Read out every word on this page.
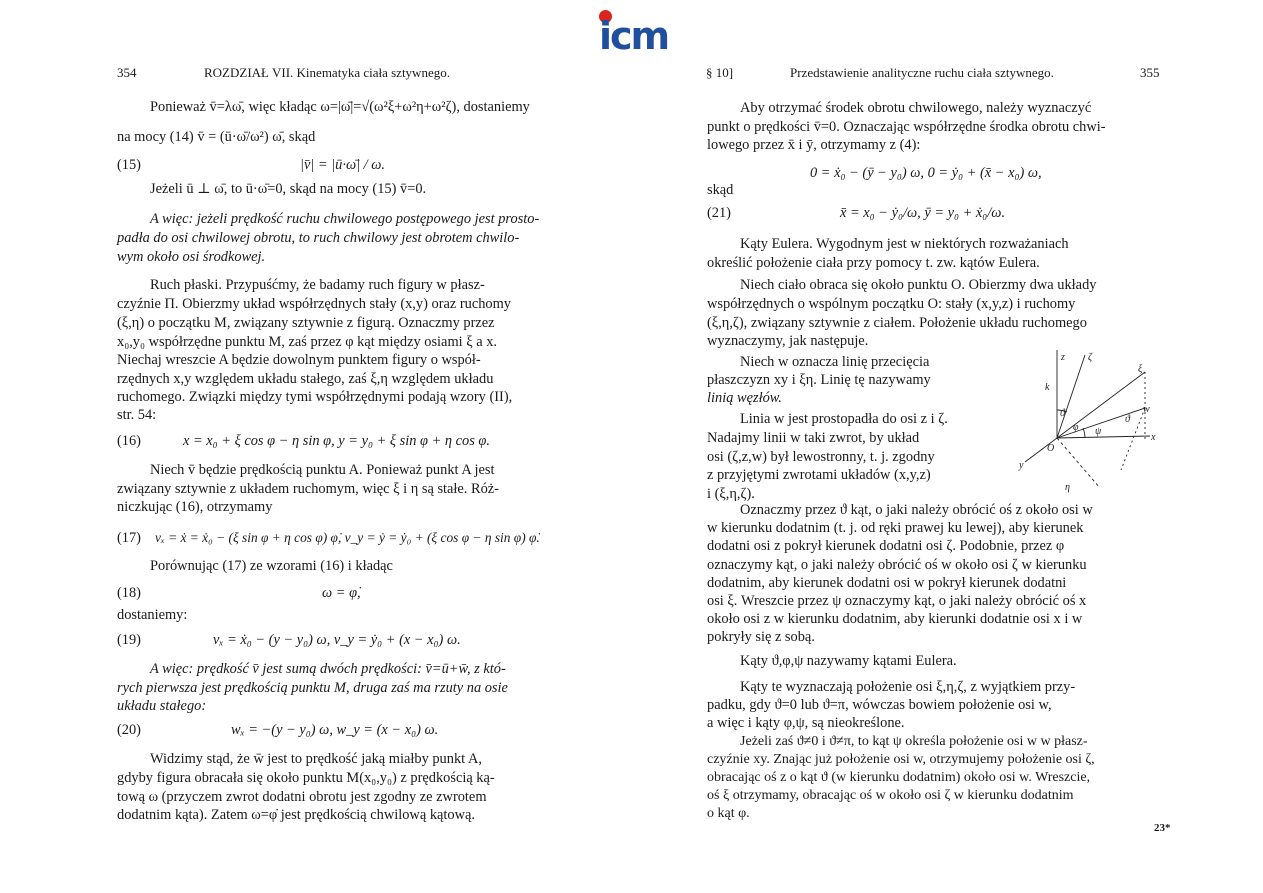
icm
354	ROZDZIAŁ VII. Kinematyka ciała sztywnego.
Ponieważ v̄=λω̄, więc kładąc ω=|ω̄|=√(ω²ξ+ω²η+ω²ζ), dostaniemy
na mocy (14) v̄ = (ū·ω̄/ω²) ω̄, skąd
(15)	|v̄| = |ū·ω̄| / ω.
Jeżeli ū ⊥ ω̄, to ū·ω̄=0, skąd na mocy (15) v̄=0.
A więc: jeżeli prędkość ruchu chwilowego postępowego jest prosto-
padła do osi chwilowej obrotu, to ruch chwilowy jest obrotem chwilo-
wym około osi środkowej.
Ruch płaski. Przypuśćmy, że badamy ruch figury w płasz-
czyźnie Π. Obierzmy układ współrzędnych stały (x,y) oraz ruchomy
(ξ,η) o początku M, związany sztywnie z figurą. Oznaczmy przez
x₀,y₀ współrzędne punktu M, zaś przez φ kąt między osiami ξ a x.
Niechaj wreszcie A będzie dowolnym punktem figury o współ-
rzędnych x,y względem układu stałego, zaś ξ,η względem układu
ruchomego. Związki między tymi współrzędnymi podają wzory (II),
str. 54:
(16)	x = x₀ + ξ cos φ − η sin φ, y = y₀ + ξ sin φ + η cos φ.
Niech v̄ będzie prędkością punktu A. Ponieważ punkt A jest
związany sztywnie z układem ruchomym, więc ξ i η są stałe. Róż-
niczkując (16), otrzymamy
(17) vₓ = ẋ = ẋ₀ − (ξ sin φ + η cos φ) φ̇, v_y = ẏ = ẏ₀ + (ξ cos φ − η sin φ) φ̇.
Porównując (17) ze wzorami (16) i kładąc
(18)	ω = φ̇,
dostaniemy:
(19)	vₓ = ẋ₀ − (y − y₀) ω, v_y = ẏ₀ + (x − x₀) ω.
A więc: prędkość v̄ jest sumą dwóch prędkości: v̄=ū+w̄, z któ-
rych pierwsza jest prędkością punktu M, druga zaś ma rzuty na osie
układu stałego:
(20)	wₓ = −(y − y₀) ω, w_y = (x − x₀) ω.
Widzimy stąd, że w̄ jest to prędkość jaką miałby punkt A,
gdyby figura obracała się około punktu M(x₀,y₀) z prędkością ką-
tową ω (przyczem zwrot dodatni obrotu jest zgodny ze zwrotem
dodatnim kąta). Zatem ω=φ̇ jest prędkością chwilową kątową.
§ 10]	Przedstawienie analityczne ruchu ciała sztywnego.	355
Aby otrzymać środek obrotu chwilowego, należy wyznaczyć
punkt o prędkości v̄=0. Oznaczając współrzędne środka obrotu chwi-
lowego przez x̄ i ȳ, otrzymamy z (4):
0 = ẋ₀ − (ȳ − y₀) ω, 0 = ẏ₀ + (x̄ − x₀) ω,
skąd
(21)	x̄ = x₀ − ẏ₀/ω, ȳ = y₀ + ẋ₀/ω.
Kąty Eulera. Wygodnym jest w niektórych rozważaniach
określić położenie ciała przy pomocy t. zw. kątów Eulera.
Niech ciało obraca się około punktu O. Obierzmy dwa układy
współrzędnych o wspólnym początku O: stały (x,y,z) i ruchomy
(ξ,η,ζ), związany sztywnie z ciałem. Położenie układu ruchomego
wyznaczymy, jak następuje.
Niech w oznacza linię przecięcia
płaszczyzn xy i ξη. Linię tę nazywamy
linią węzłów.
Linia w jest prostopadła do osi z i ζ.
Nadajmy linii w taki zwrot, by układ
osi (ζ,z,w) był lewostronny, t. j. zgodny
z przyjętymi zwrotami układów (x,y,z)
i (ξ,η,ζ).
Oznaczmy przez ϑ kąt, o jaki należy obrócić oś z około osi w
w kierunku dodatnim (t. j. od ręki prawej ku lewej), aby kierunek
dodatni osi z pokrył kierunek dodatni osi ζ. Podobnie, przez φ
oznaczymy kąt, o jaki należy obrócić oś w około osi ζ w kierunku
dodatnim, aby kierunek dodatni osi w pokrył kierunek dodatni
osi ξ. Wreszcie przez ψ oznaczymy kąt, o jaki należy obrócić oś x
około osi z w kierunku dodatnim, aby kierunki dodatnie osi x i w
pokryły się z sobą.
Kąty ϑ,φ,ψ nazywamy kątami Eulera.
Kąty te wyznaczają położenie osi ξ,η,ζ, z wyjątkiem przy-
padku, gdy ϑ=0 lub ϑ=π, wówczas bowiem położenie osi w,
a więc i kąty φ,ψ, są nieokreślone.
Jeżeli zaś ϑ≠0 i ϑ≠π, to kąt ψ określa położenie osi w w płasz-
czyźnie xy. Znając już położenie osi w, otrzymujemy położenie osi ζ,
obracając oś z o kąt ϑ (w kierunku dodatnim) około osi w. Wreszcie,
oś ξ otrzymamy, obracając oś w około osi ζ w kierunku dodatnim
o kąt φ.
23*
z ζ
ξ
k
ϑ
φ ψ
w
x
y
η
O
ϑ
